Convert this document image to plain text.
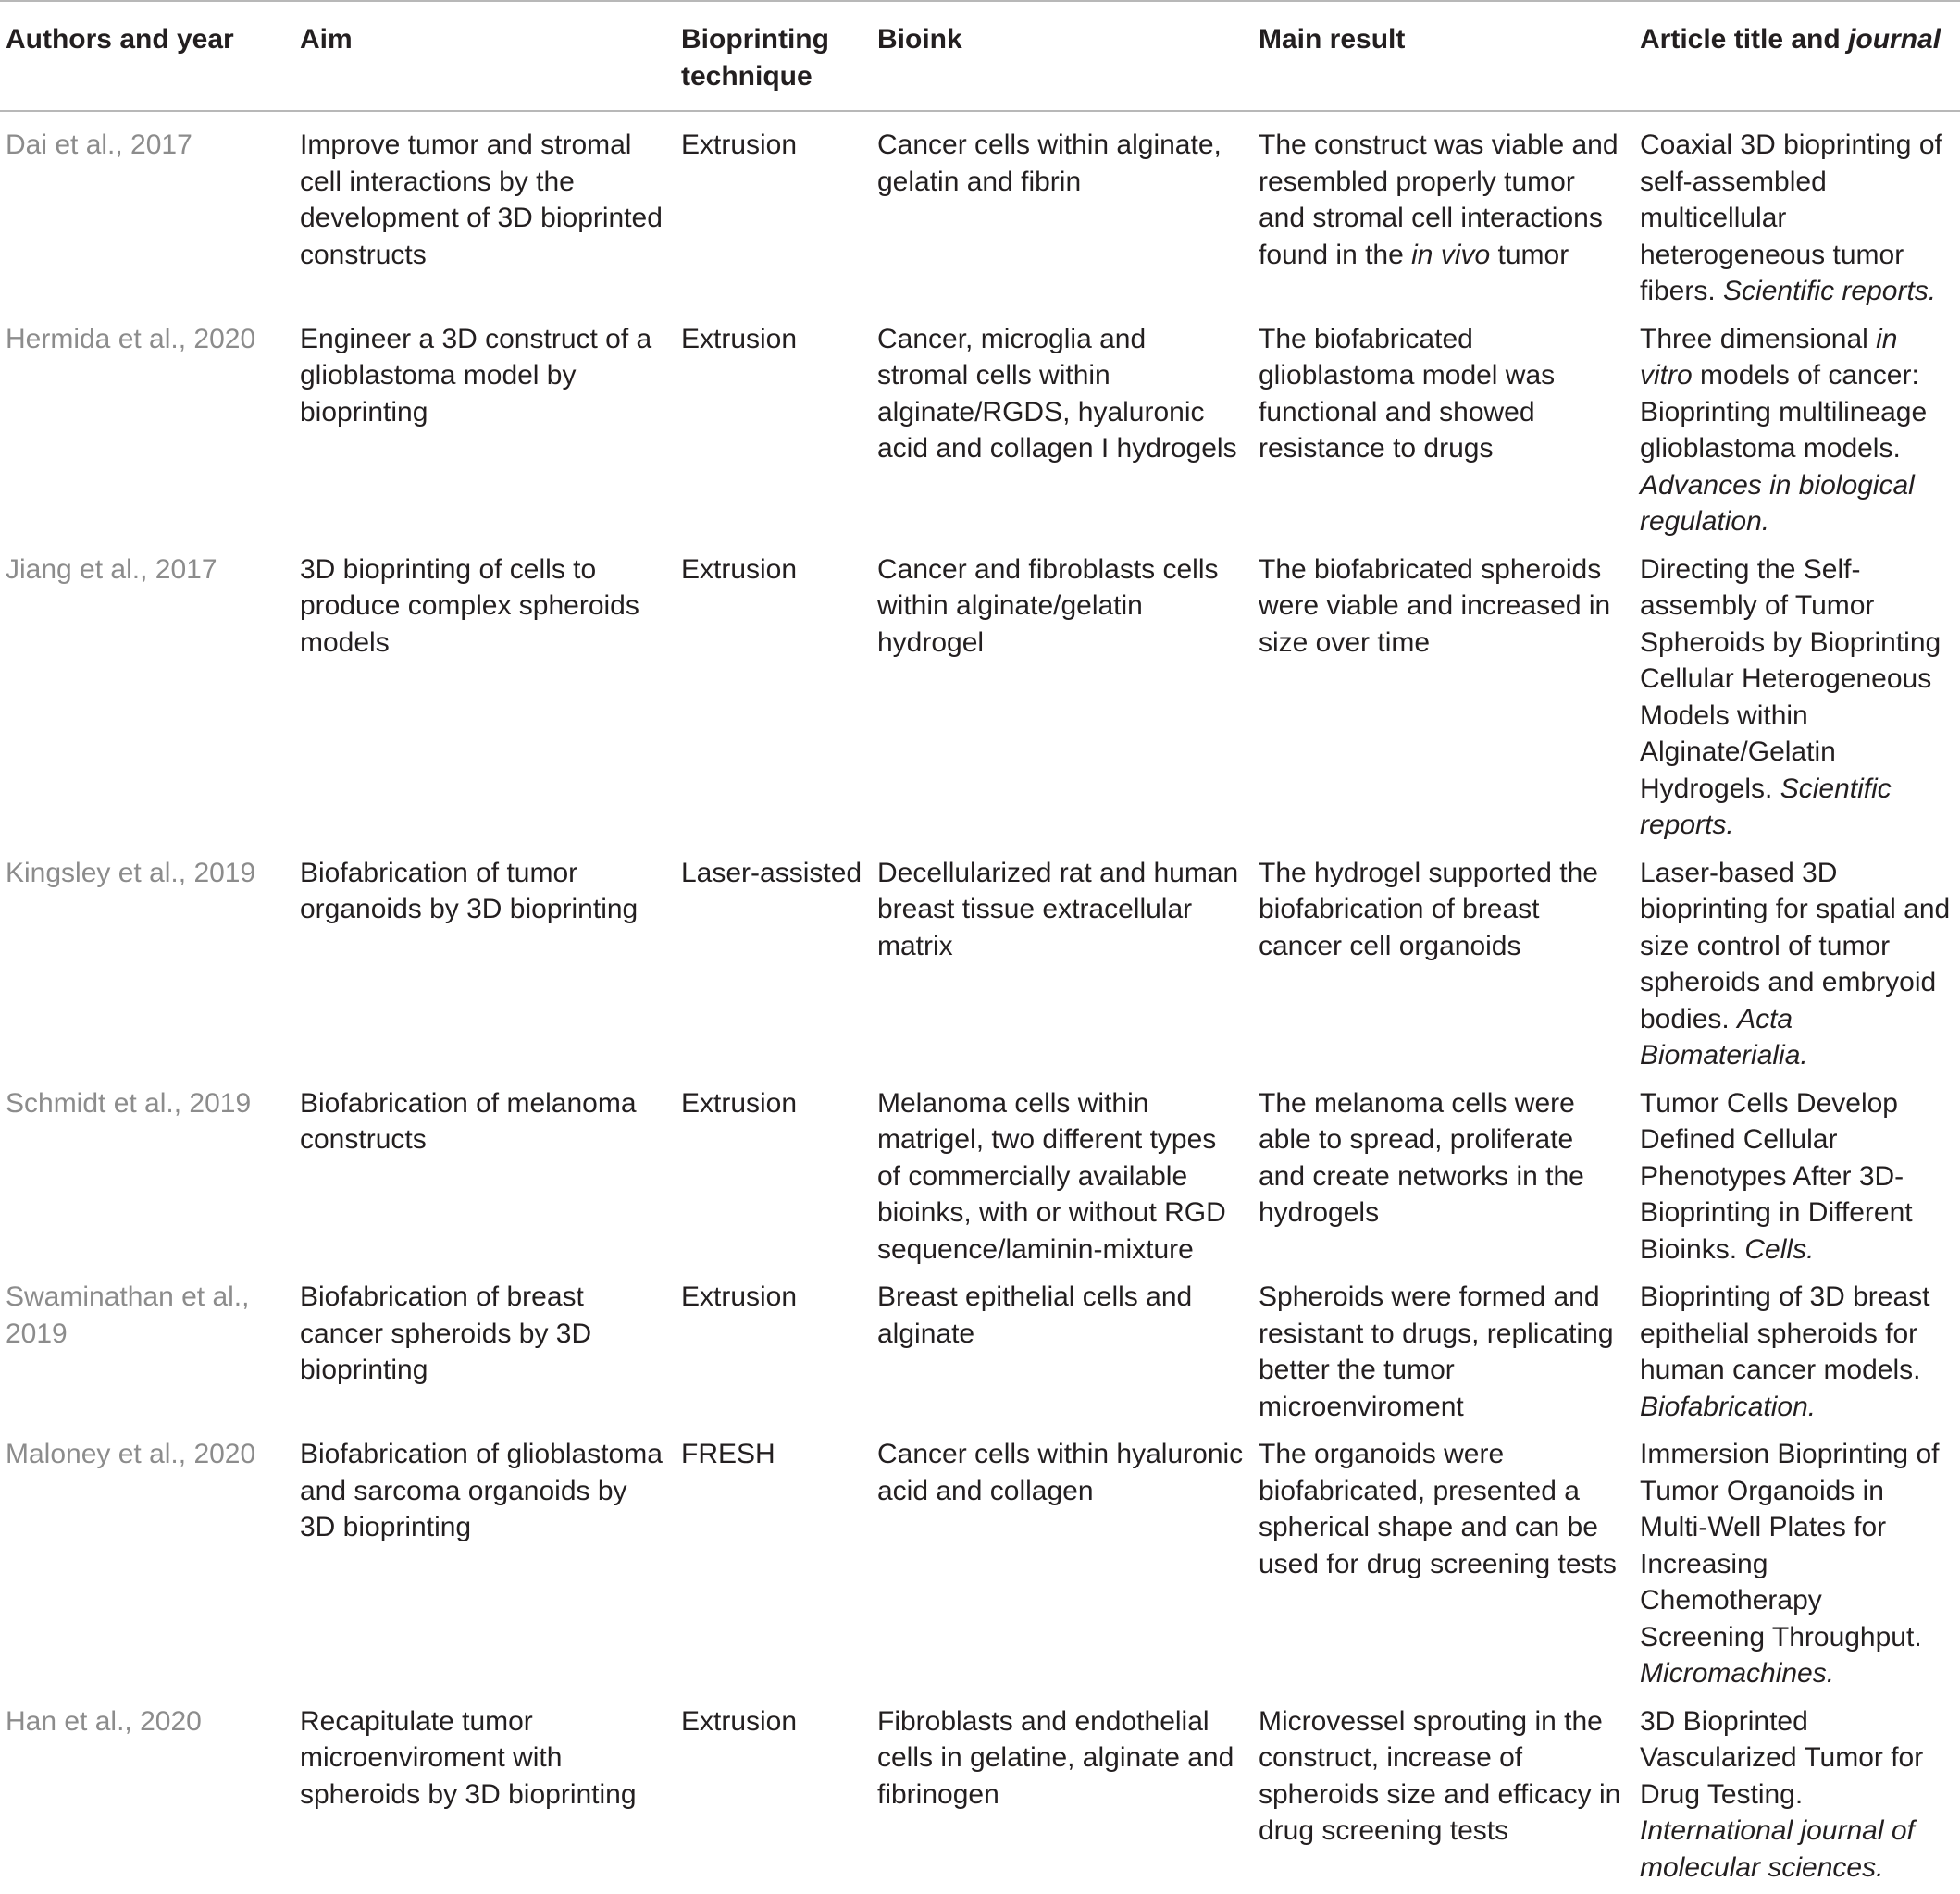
Authors and year	Aim	Bioprinting technique	Bioink	Main result	Article title and journal
Dai et al., 2017	Improve tumor and stromal cell interactions by the development of 3D bioprinted constructs	Extrusion	Cancer cells within alginate, gelatin and fibrin	The construct was viable and resembled properly tumor and stromal cell interactions found in the in vivo tumor	Coaxial 3D bioprinting of self-assembled multicellular heterogeneous tumor fibers. Scientific reports.
Hermida et al., 2020	Engineer a 3D construct of a glioblastoma model by bioprinting	Extrusion	Cancer, microglia and stromal cells within alginate/RGDS, hyaluronic acid and collagen I hydrogels	The biofabricated glioblastoma model was functional and showed resistance to drugs	Three dimensional in vitro models of cancer: Bioprinting multilineage glioblastoma models. Advances in biological regulation.
Jiang et al., 2017	3D bioprinting of cells to produce complex spheroids models	Extrusion	Cancer and fibroblasts cells within alginate/gelatin hydrogel	The biofabricated spheroids were viable and increased in size over time	Directing the Self-assembly of Tumor Spheroids by Bioprinting Cellular Heterogeneous Models within Alginate/Gelatin Hydrogels. Scientific reports.
Kingsley et al., 2019	Biofabrication of tumor organoids by 3D bioprinting	Laser-assisted	Decellularized rat and human breast tissue extracellular matrix	The hydrogel supported the biofabrication of breast cancer cell organoids	Laser-based 3D bioprinting for spatial and size control of tumor spheroids and embryoid bodies. Acta Biomaterialia.
Schmidt et al., 2019	Biofabrication of melanoma constructs	Extrusion	Melanoma cells within matrigel, two different types of commercially available bioinks, with or without RGD sequence/laminin-mixture	The melanoma cells were able to spread, proliferate and create networks in the hydrogels	Tumor Cells Develop Defined Cellular Phenotypes After 3D-Bioprinting in Different Bioinks. Cells.
Swaminathan et al., 2019	Biofabrication of breast cancer spheroids by 3D bioprinting	Extrusion	Breast epithelial cells and alginate	Spheroids were formed and resistant to drugs, replicating better the tumor microenviroment	Bioprinting of 3D breast epithelial spheroids for human cancer models. Biofabrication.
Maloney et al., 2020	Biofabrication of glioblastoma and sarcoma organoids by 3D bioprinting	FRESH	Cancer cells within hyaluronic acid and collagen	The organoids were biofabricated, presented a spherical shape and can be used for drug screening tests	Immersion Bioprinting of Tumor Organoids in Multi-Well Plates for Increasing Chemotherapy Screening Throughput. Micromachines.
Han et al., 2020	Recapitulate tumor microenviroment with spheroids by 3D bioprinting	Extrusion	Fibroblasts and endothelial cells in gelatine, alginate and fibrinogen	Microvessel sprouting in the construct, increase of spheroids size and efficacy in drug screening tests	3D Bioprinted Vascularized Tumor for Drug Testing. International journal of molecular sciences.
